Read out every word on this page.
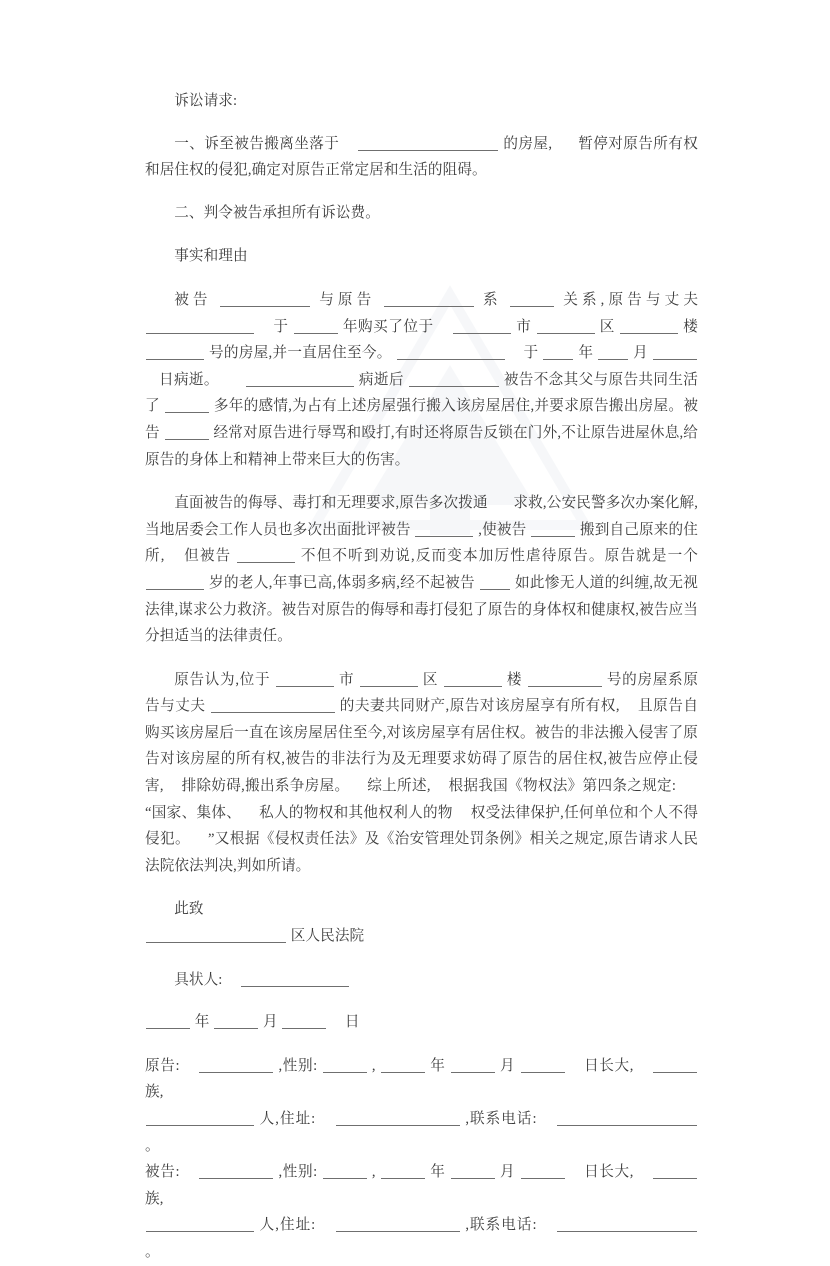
诉讼请求:

一、诉至被告搬离坐落于	的房屋, 暂停对原告所有权和居住权的侵犯,确定对原告正常定居和生活的阻碍。

二、判令被告承担所有诉讼费。

事实和理由

被告	与原告	系	关系,原告与丈夫   于	年购买了位于	市	区	楼  号的房屋,并一直居住至今。	于	年	月   日病逝。	病逝后	被告不念其父与原告共同生活了	多年的感情,为占有上述房屋强行搬入该房屋居住,并要求原告搬出房屋。被告	经常对原告进行辱骂和殴打,有时还将原告反锁在门外,不让原告进屋休息,给原告的身体上和精神上带来巨大的伤害。

直面被告的侮辱、毒打和无理要求,原告多次拨通 求救,公安民警多次办案化解,当地居委会工作人员也多次出面批评被告	,使被告	搬到自己原来的住所, 但被告	不但不听到劝说,反而变本加厉性虐待原告。原告就是一个  岁的老人,年事已高,体弱多病,经不起被告	如此惨无人道的纠缠,故无视法律,谋求公力救济。被告对原告的侮辱和毒打侵犯了原告的身体权和健康权,被告应当分担适当的法律责任。

原告认为,位于	市	区	楼	号的房屋系原告与丈夫	的夫妻共同财产,原告对该房屋享有所有权, 且原告自购买该房屋后一直在该房屋居住至今,对该房屋享有居住权。被告的非法搬入侵害了原告对该房屋的所有权,被告的非法行为及无理要求妨碍了原告的居住权,被告应停止侵害, 排除妨碍,搬出系争房屋。 综上所述, 根据我国《物权法》第四条之规定:  “国家、集体、 私人的物权和其他权利人的物 权受法律保护,任何单位和个人不得侵犯。 ”又根据《侵权责任法》及《治安管理处罚条例》相关之规定,原告请求人民法院依法判决,判如所请。

此致

区人民法院

具状人:

年	月	日

原告:	,性别:	,	年	月	日长大,   族,

人,住址:	,联系电话:   。

被告:	,性别:	,	年	月	日长大,   族,

人,住址:	,联系电话:   。
